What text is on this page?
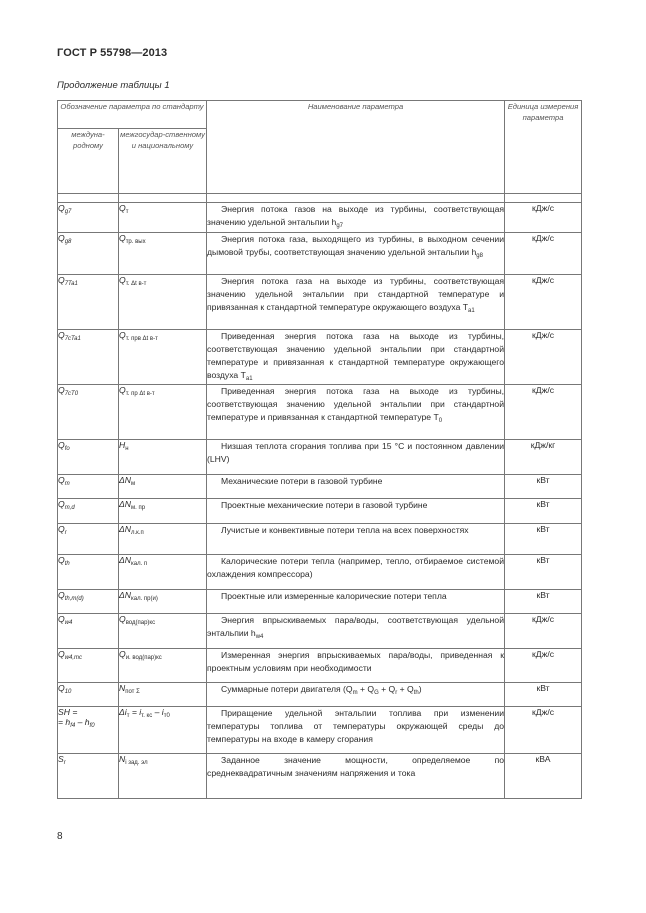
ГОСТ Р 55798—2013
Продолжение таблицы 1
Обозначение параметра по стандарту		Наименование параметра	Единица измерения параметра
междуна-родному	межгосудар-ственному и национальному		

$Q_{g7}$	$Q_т$	Энергия потока газов на выходе из турбины, соответствующая значению удельной энтальпии $h_{g7}$	кДж/с
$Q_{g8}$	$Q_{тр. вых}$	Энергия потока газа, выходящего из турбины, в выходном сечении дымовой трубы, соответствующая значению удельной энтальпии $h_{g8}$	кДж/с
$Q_{7Ta1}$	$Q_{т. \Delta t в-т}$	Энергия потока газа на выходе из турбины, соответствующая значению удельной энтальпии при стандартной температуре и привязанная к стандартной температуре окружающего воздуха $T_{a1}$	кДж/с
$Q_{7cTa1}$	$Q_{т. прв \Delta t в-т}$	Приведенная энергия потока газа на выходе из турбины, соответствующая значению удельной энтальпии при стандартной температуре и привязанная к стандартной температуре окружающего воздуха $T_{a1}$	кДж/с
$Q_{7cT0}$	$Q_{т. пр \Delta t в-т}$	Приведенная энергия потока газа на выходе из турбины, соответствующая значению удельной энтальпии при стандартной температуре и привязанная к стандартной температуре $T_0$	кДж/с
$Q_{fo}$	$H_н$	Низшая теплота сгорания топлива при 15 °С и постоянном давлении (LHV)	кДж/кг
$Q_m$	$\Delta N_м$	Механические потери в газовой турбине	кВт
$Q_{m,d}$	$\Delta N_{м. пр}$	Проектные механические потери в газовой турбине	кВт
$Q_r$	$\Delta N_{л.к.п}$	Лучистые и конвективные потери тепла на всех поверхностях	кВт
$Q_{th}$	$\Delta N_{кал. п}$	Калорические потери тепла (например, тепло, отбираемое системой охлаждения компрессора)	кВт
$Q_{th,m(d)}$	$\Delta N_{кал. пр(и)}$	Проектные или измеренные калорические потери тепла	кВт
$Q_{w4}$	$Q_{вод(пар)кс}$	Энергия впрыскиваемых пара/воды, соответствующая удельной энтальпии $h_{w4}$	кДж/с
$Q_{w4,mc}$	$Q_{и. вод(пар)кс}$	Измеренная энергия впрыскиваемых пара/воды, приведенная к проектным условиям при необходимости	кДж/с
$Q_{10}$	$N_{пот \Sigma}$	Суммарные потери двигателя $(Q_m + Q_G + Q_r + Q_{th})$	кВт
SH =
= $h_{f4} - h_{f0}$	$\Delta i_т = i_{т. кс} - i_{т0}$	Приращение удельной энтальпии топлива при изменении температуры топлива от температуры окружающей среды до температуры на входе в камеру сгорания	кДж/с
$S_r$	$N_{i зад. эл}$	Заданное значение мощности, определяемое по среднеквадратичным значениям напряжения и тока	кВА
8
